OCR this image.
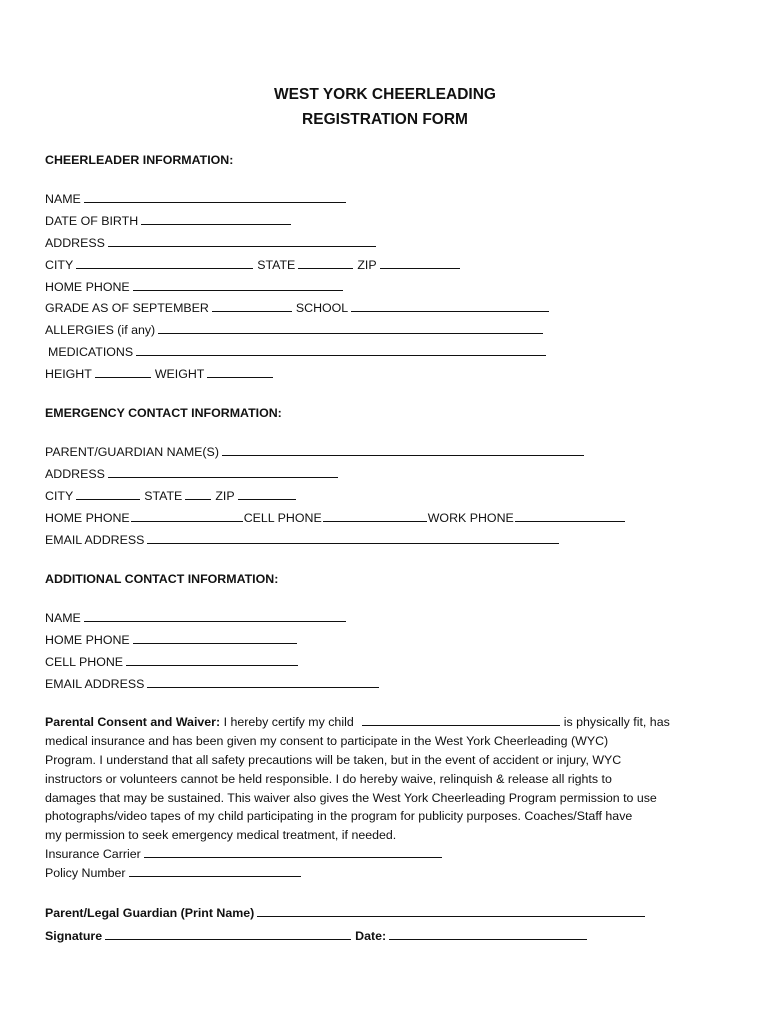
WEST YORK CHEERLEADING
REGISTRATION FORM
CHEERLEADER INFORMATION:
NAME
DATE OF BIRTH
ADDRESS
CITY	STATE	ZIP
HOME PHONE
GRADE AS OF SEPTEMBER	SCHOOL
ALLERGIES (if any)
MEDICATIONS
HEIGHT	WEIGHT
EMERGENCY CONTACT INFORMATION:
PARENT/GUARDIAN NAME(S)
ADDRESS
CITY	STATE	ZIP
HOME PHONE	CELL PHONE	WORK PHONE
EMAIL ADDRESS
ADDITIONAL CONTACT INFORMATION:
NAME
HOME PHONE
CELL PHONE
EMAIL ADDRESS
Parental Consent and Waiver: I hereby certify my child	is physically fit, has
medical insurance and has been given my consent to participate in the West York Cheerleading (WYC)
Program. I understand that all safety precautions will be taken, but in the event of accident or injury, WYC
instructors or volunteers cannot be held responsible. I do hereby waive, relinquish & release all rights to
damages that may be sustained. This waiver also gives the West York Cheerleading Program permission to use
photographs/video tapes of my child participating in the program for publicity purposes. Coaches/Staff have
my permission to seek emergency medical treatment, if needed.
Insurance Carrier
Policy Number
Parent/Legal Guardian (Print Name)
Signature	Date:
